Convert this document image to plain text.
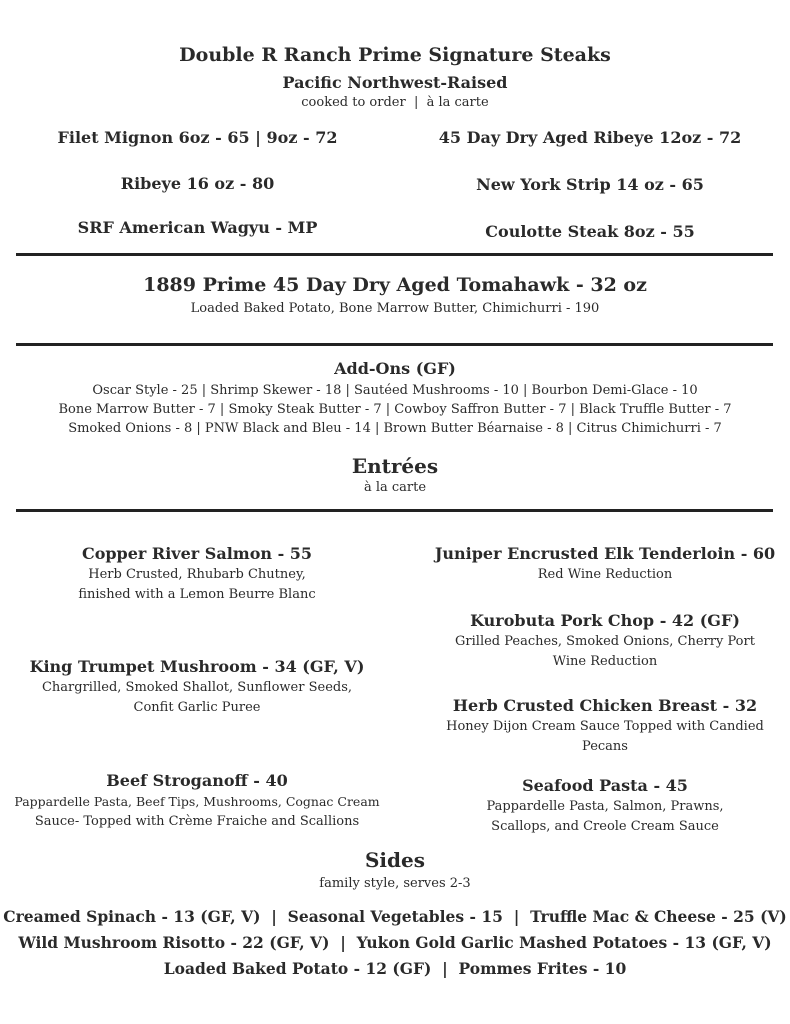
Double R Ranch Prime Signature Steaks
Pacific Northwest-Raised
cooked to order  |  à la carte
Filet Mignon 6oz - 65 | 9oz - 72
Ribeye 16 oz - 80
SRF American Wagyu - MP
45 Day Dry Aged Ribeye 12oz - 72
New York Strip 14 oz - 65
Coulotte Steak 8oz - 55
1889 Prime 45 Day Dry Aged Tomahawk - 32 oz
Loaded Baked Potato, Bone Marrow Butter, Chimichurri - 190
Add-Ons (GF)
Oscar Style - 25 | Shrimp Skewer - 18 | Sautéed Mushrooms - 10 | Bourbon Demi-Glace - 10
Bone Marrow Butter - 7 | Smoky Steak Butter - 7 | Cowboy Saffron Butter - 7 | Black Truffle Butter - 7
Smoked Onions - 8 | PNW Black and Bleu - 14 | Brown Butter Béarnaise - 8 | Citrus Chimichurri - 7
Entrées
à la carte
Copper River Salmon - 55
Herb Crusted, Rhubarb Chutney,
finished with a Lemon Beurre Blanc
King Trumpet Mushroom - 34 (GF, V)
Chargrilled, Smoked Shallot, Sunflower Seeds,
Confit Garlic Puree
Beef Stroganoff - 40
Pappardelle Pasta, Beef Tips, Mushrooms, Cognac Cream
Sauce- Topped with Crème Fraiche and Scallions
Juniper Encrusted Elk Tenderloin - 60
Red Wine Reduction
Kurobuta Pork Chop - 42 (GF)
Grilled Peaches, Smoked Onions, Cherry Port
Wine Reduction
Herb Crusted Chicken Breast - 32
Honey Dijon Cream Sauce Topped with Candied
Pecans
Seafood Pasta - 45
Pappardelle Pasta, Salmon, Prawns,
Scallops, and Creole Cream Sauce
Sides
family style, serves 2-3
Creamed Spinach - 13 (GF, V)  |  Seasonal Vegetables - 15  |  Truffle Mac & Cheese - 25 (V)
Wild Mushroom Risotto - 22 (GF, V)  |  Yukon Gold Garlic Mashed Potatoes - 13 (GF, V)
Loaded Baked Potato - 12 (GF)  |  Pommes Frites - 10
